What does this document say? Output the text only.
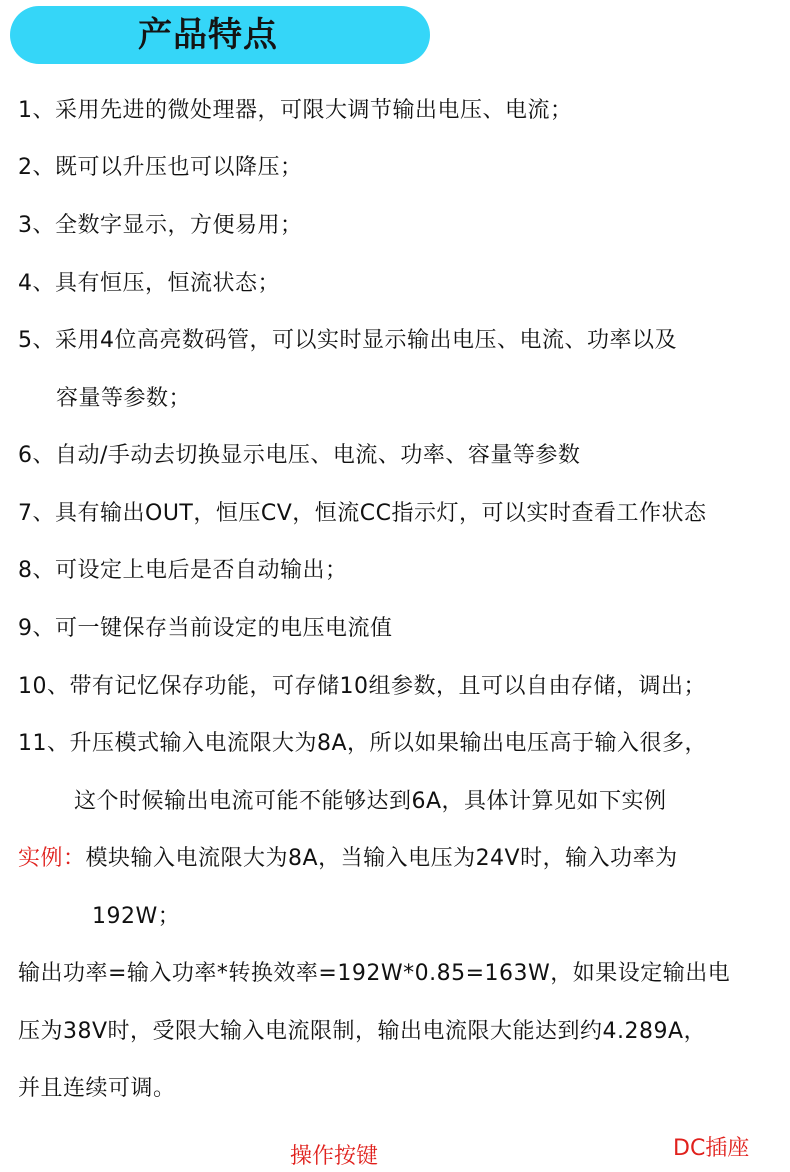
产品特点
1、采用先进的微处理器，可限大调节输出电压、电流；
2、既可以升压也可以降压；
3、全数字显示，方便易用；
4、具有恒压，恒流状态；
5、采用4位高亮数码管，可以实时显示输出电压、电流、功率以及
容量等参数；
6、自动/手动去切换显示电压、电流、功率、容量等参数
7、具有输出OUT，恒压CV，恒流CC指示灯，可以实时查看工作状态
8、可设定上电后是否自动输出；
9、可一键保存当前设定的电压电流值
10、带有记忆保存功能，可存储10组参数，且可以自由存储，调出；
11、升压模式输入电流限大为8A，所以如果输出电压高于输入很多，
这个时候输出电流可能不能够达到6A，具体计算见如下实例
实例：模块输入电流限大为8A，当输入电压为24V时，输入功率为
192W；
输出功率=输入功率*转换效率=192W*0.85=163W，如果设定输出电
压为38V时，受限大输入电流限制，输出电流限大能达到约4.289A，
并且连续可调。
操作按键	DC插座
